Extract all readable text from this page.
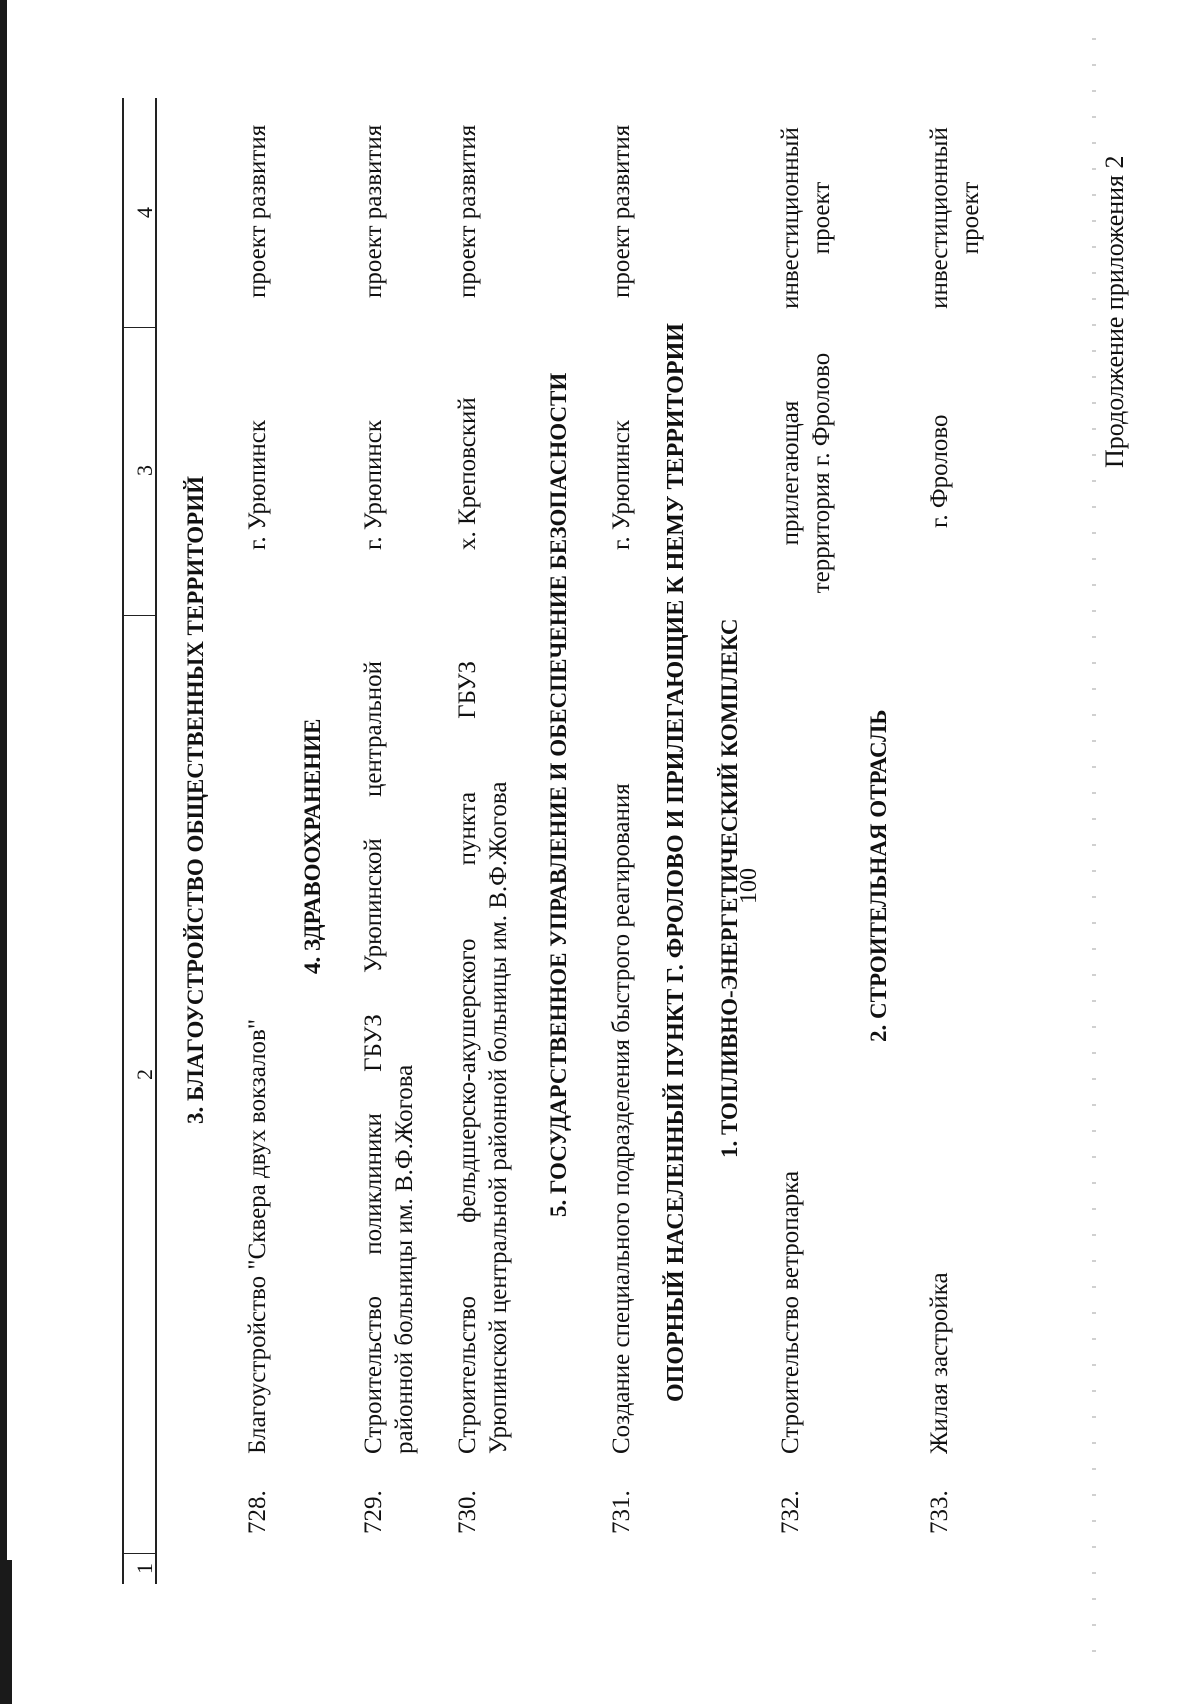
100
Продолжение приложения 2
1
2
3
4
3. БЛАГОУСТРОЙСТВО ОБЩЕСТВЕННЫХ ТЕРРИТОРИЙ
728.
Благоустройство "Сквера двух вокзалов"
г. Урюпинск
проект развития
4. ЗДРАВООХРАНЕНИЕ
729.
Строительство поликлиники ГБУЗ Урюпинской центральной районной больницы им. В.Ф.Жогова
г. Урюпинск
проект развития
730.
Строительство фельдшерско-акушерского пункта ГБУЗ Урюпинской центральной районной больницы им. В.Ф.Жогова
х. Креповский
проект развития
5. ГОСУДАРСТВЕННОЕ УПРАВЛЕНИЕ И ОБЕСПЕЧЕНИЕ БЕЗОПАСНОСТИ
731.
Создание специального подразделения быстрого реагирования
г. Урюпинск
проект развития
ОПОРНЫЙ НАСЕЛЕННЫЙ ПУНКТ Г. ФРОЛОВО И ПРИЛЕГАЮЩИЕ К НЕМУ ТЕРРИТОРИИ 1. ТОПЛИВНО-ЭНЕРГЕТИЧЕСКИЙ КОМПЛЕКС
732.
Строительство ветропарка
прилегающая территория г. Фролово
инвестиционный проект
2. СТРОИТЕЛЬНАЯ ОТРАСЛЬ
733.
Жилая застройка
г. Фролово
инвестиционный проект
